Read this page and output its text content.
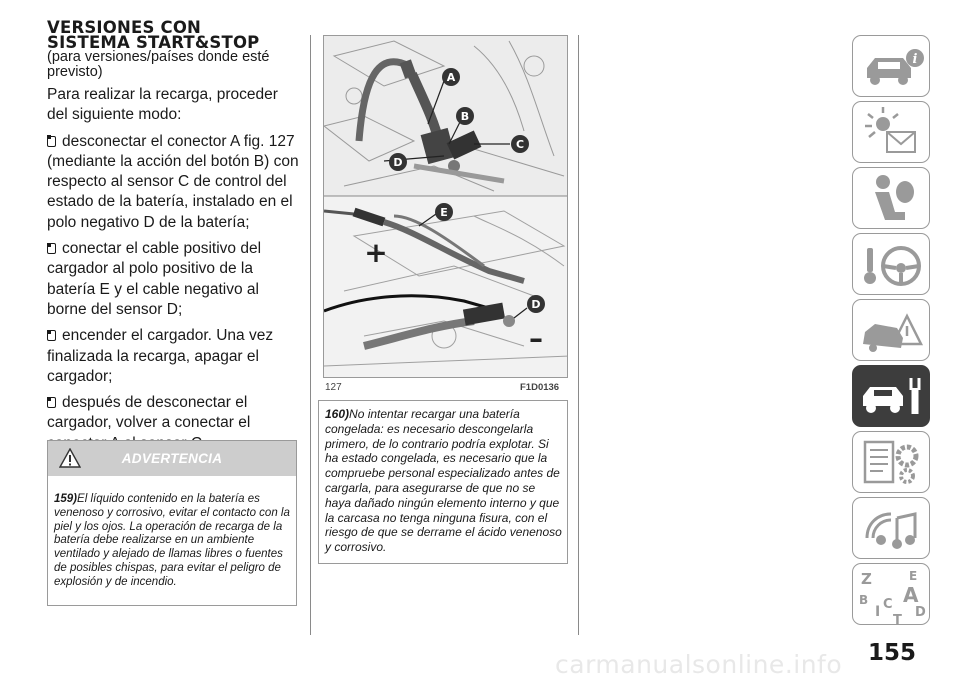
VERSIONES CON
SISTEMA START&STOP
(para versiones/países donde esté previsto)
Para realizar la recarga, proceder del siguiente modo:
desconectar el conector A fig. 127 (mediante la acción del botón B) con respecto al sensor C de control del estado de la batería, instalado en el polo negativo D de la batería;
conectar el cable positivo del cargador al polo positivo de la batería E y el cable negativo al borne del sensor D;
encender el cargador. Una vez finalizada la recarga, apagar el cargador;
después de desconectar el cargador, volver a conectar el
ADVERTENCIA
159)El líquido contenido en la batería es venenoso y corrosivo, evitar el contacto con la piel y los ojos. La operación de recarga de la batería debe realizarse en un ambiente ventilado y alejado de llamas libres o fuentes de posibles chispas, para evitar el peligro de explosión y de incendio.
A
B
C
D
E
D
+
–
127	F1D0136
160)No intentar recargar una batería congelada: es necesario descongelarla primero, de lo contrario podría explotar. Si ha estado congelada, es necesario que la compruebe personal especializado antes de cargarla, para asegurarse de que no se haya dañado ningún elemento interno y que la carcasa no tenga ninguna fisura, con el riesgo de que se derrame el ácido venenoso y corrosivo.
i
Z	E
B A
I C
D
T
carmanualsonline.info 155
